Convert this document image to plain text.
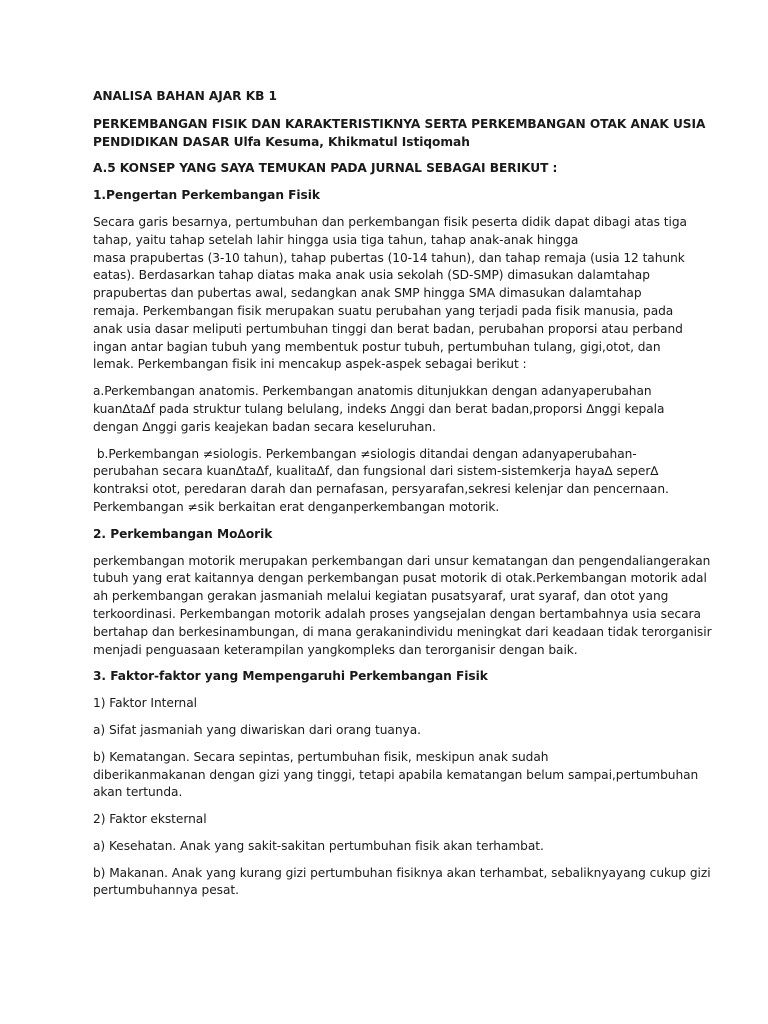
ANALISA BAHAN AJAR KB 1
PERKEMBANGAN FISIK DAN KARAKTERISTIKNYA SERTA PERKEMBANGAN OTAK ANAK USIA
PENDIDIKAN DASAR Ulfa Kesuma, Khikmatul Istiqomah
A.5 KONSEP YANG SAYA TEMUKAN PADA JURNAL SEBAGAI BERIKUT :
1.Pengertan Perkembangan Fisik
Secara garis besarnya, pertumbuhan dan perkembangan fisik peserta didik dapat dibagi atas tiga
tahap, yaitu tahap setelah lahir hingga usia tiga tahun, tahap anak-anak hingga
masa prapubertas (3-10 tahun), tahap pubertas (10-14 tahun), dan tahap remaja (usia 12 tahunk
eatas). Berdasarkan tahap diatas maka anak usia sekolah (SD-SMP) dimasukan dalamtahap
prapubertas dan pubertas awal, sedangkan anak SMP hingga SMA dimasukan dalamtahap
remaja. Perkembangan fisik merupakan suatu perubahan yang terjadi pada fisik manusia, pada
anak usia dasar meliputi pertumbuhan tinggi dan berat badan, perubahan proporsi atau perband
ingan antar bagian tubuh yang membentuk postur tubuh, pertumbuhan tulang, gigi,otot, dan
lemak. Perkembangan fisik ini mencakup aspek-aspek sebagai berikut :
a.Perkembangan anatomis. Perkembangan anatomis ditunjukkan dengan adanyaperubahan
kuan∆ta∆f pada struktur tulang belulang, indeks ∆nggi dan berat badan,proporsi ∆nggi kepala
dengan ∆nggi garis keajekan badan secara keseluruhan.
b.Perkembangan ≠siologis. Perkembangan ≠siologis ditandai dengan adanyaperubahan-
perubahan secara kuan∆ta∆f, kualita∆f, dan fungsional dari sistem-sistemkerja haya∆ seper∆
kontraksi otot, peredaran darah dan pernafasan, persyarafan,sekresi kelenjar dan pencernaan.
Perkembangan ≠sik berkaitan erat denganperkembangan motorik.
2. Perkembangan Mo∆orik
perkembangan motorik merupakan perkembangan dari unsur kematangan dan pengendaliangerakan
tubuh yang erat kaitannya dengan perkembangan pusat motorik di otak.Perkembangan motorik adal
ah perkembangan gerakan jasmaniah melalui kegiatan pusatsyaraf, urat syaraf, dan otot yang
terkoordinasi. Perkembangan motorik adalah proses yangsejalan dengan bertambahnya usia secara
bertahap dan berkesinambungan, di mana gerakanindividu meningkat dari keadaan tidak terorganisir
menjadi penguasaan keterampilan yangkompleks dan terorganisir dengan baik.
3. Faktor-faktor yang Mempengaruhi Perkembangan Fisik
1) Faktor Internal
a) Sifat jasmaniah yang diwariskan dari orang tuanya.
b) Kematangan. Secara sepintas, pertumbuhan fisik, meskipun anak sudah
diberikanmakanan dengan gizi yang tinggi, tetapi apabila kematangan belum sampai,pertumbuhan
akan tertunda.
2) Faktor eksternal
a) Kesehatan. Anak yang sakit-sakitan pertumbuhan fisik akan terhambat.
b) Makanan. Anak yang kurang gizi pertumbuhan fisiknya akan terhambat, sebaliknyayang cukup gizi
pertumbuhannya pesat.
